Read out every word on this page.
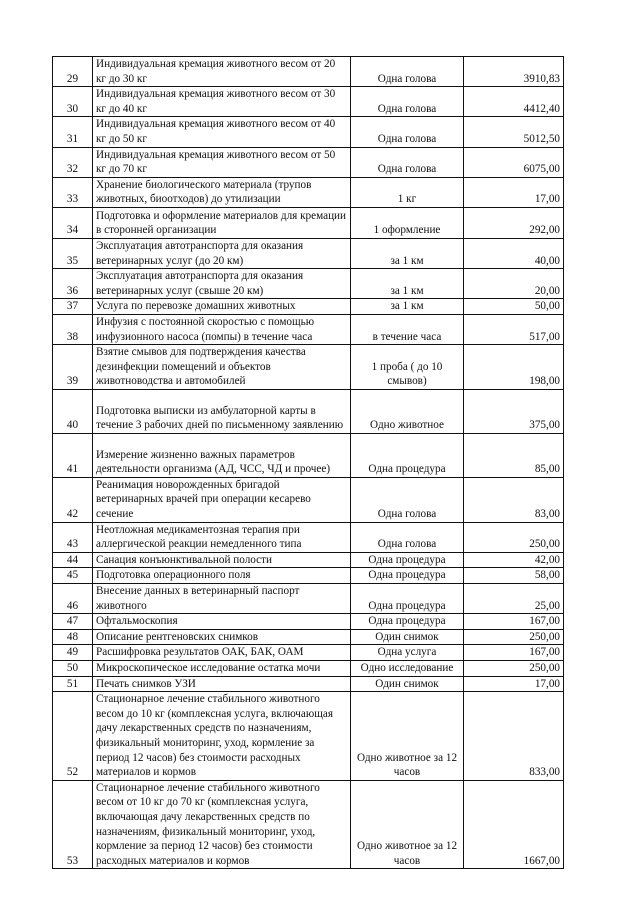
29	Индивидуальная кремация животного весом от 20 кг до 30 кг	Одна голова	3910,83
30	Индивидуальная кремация животного весом от 30 кг до 40 кг	Одна голова	4412,40
31	Индивидуальная кремация животного весом от 40 кг до 50 кг	Одна голова	5012,50
32	Индивидуальная кремация животного весом от 50 кг до 70 кг	Одна голова	6075,00
33	Хранение биологического материала (трупов животных, биоотходов) до утилизации	1 кг	17,00
34	Подготовка и оформление материалов для кремации в сторонней организации	1 оформление	292,00
35	Эксплуатация автотранспорта для оказания ветеринарных услуг (до 20 км)	за 1 км	40,00
36	Эксплуатация автотранспорта для оказания ветеринарных услуг (свыше 20 км)	за 1 км	20,00
37	Услуга по перевозке домашних животных	за 1 км	50,00
38	Инфузия с постоянной скоростью с помощью инфузионного насоса (помпы) в течение часа	в течение часа	517,00
39	Взятие смывов для подтверждения качества дезинфекции помещений и объектов животноводства и автомобилей	1 проба ( до 10 смывов)	198,00
40	Подготовка выписки из амбулаторной карты в течение 3 рабочих дней по письменному заявлению	Одно животное	375,00
41	Измерение жизненно важных параметров деятельности организма (АД, ЧСС, ЧД и прочее)	Одна процедура	85,00
42	Реанимация новорожденных бригадой ветеринарных врачей при операции кесарево сечение	Одна голова	83,00
43	Неотложная медикаментозная терапия при аллергической реакции немедленного типа	Одна голова	250,00
44	Санация конъюнктивальной полости	Одна процедура	42,00
45	Подготовка операционного поля	Одна процедура	58,00
46	Внесение данных в ветеринарный паспорт животного	Одна процедура	25,00
47	Офтальмоскопия	Одна процедура	167,00
48	Описание рентгеновских снимков	Один снимок	250,00
49	Расшифровка результатов ОАК, БАК, ОАМ	Одна услуга	167,00
50	Микроскопическое исследование остатка мочи	Одно исследование	250,00
51	Печать снимков УЗИ	Один снимок	17,00
52	Стационарное лечение стабильного животного весом до 10 кг (комплексная услуга, включающая дачу лекарственных средств по назначениям, физикальный мониторинг, уход, кормление за период 12 часов) без стоимости расходных материалов и кормов	Одно животное за 12 часов	833,00
53	Стационарное лечение стабильного животного весом от 10 кг до 70 кг (комплексная услуга, включающая дачу лекарственных средств по назначениям, физикальный мониторинг, уход, кормление за период 12 часов) без стоимости расходных материалов и кормов	Одно животное за 12 часов	1667,00
